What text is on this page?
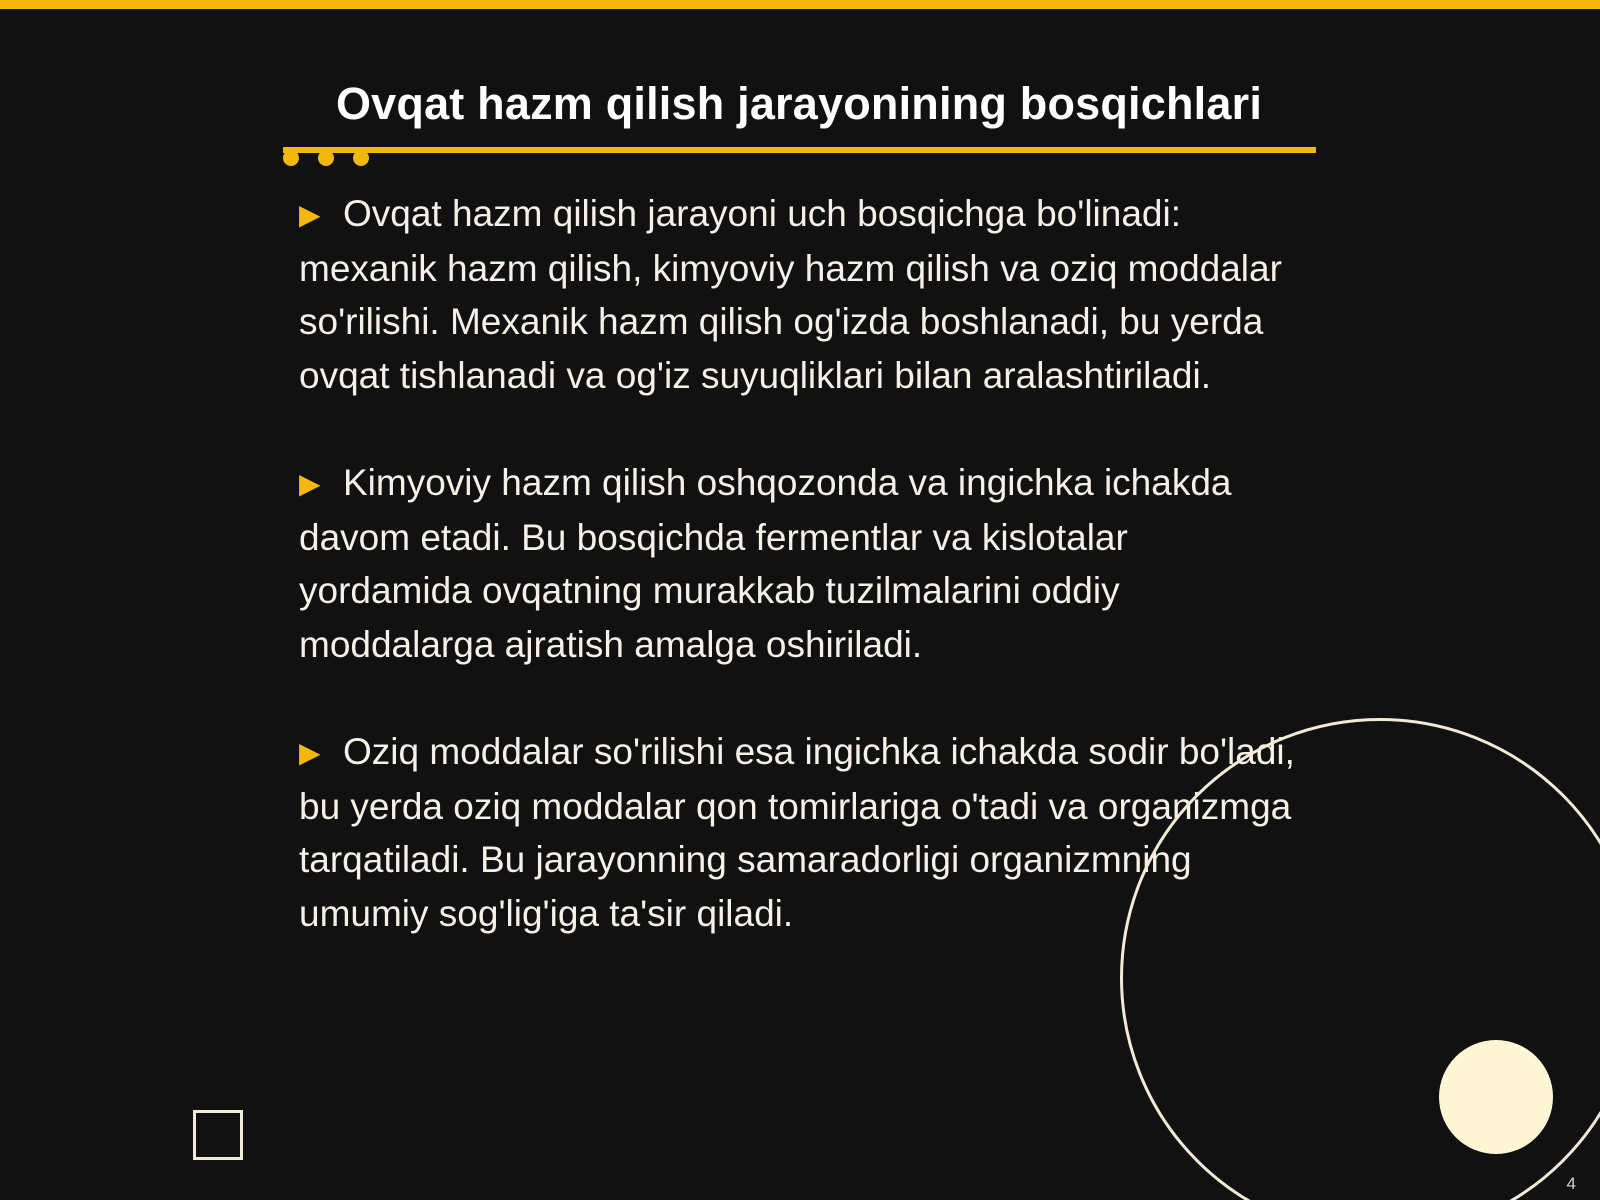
Ovqat hazm qilish jarayonining bosqichlari

▶ Ovqat hazm qilish jarayoni uch bosqichga bo'linadi: mexanik hazm qilish, kimyoviy hazm qilish va oziq moddalar so'rilishi. Mexanik hazm qilish og'izda boshlanadi, bu yerda ovqat tishlanadi va og'iz suyuqliklari bilan aralashtiriladi.

▶ Kimyoviy hazm qilish oshqozonda va ingichka ichakda davom etadi. Bu bosqichda fermentlar va kislotalar yordamida ovqatning murakkab tuzilmalarini oddiy moddalarga ajratish amalga oshiriladi.

▶ Oziq moddalar so'rilishi esa ingichka ichakda sodir bo'ladi, bu yerda oziq moddalar qon tomirlariga o'tadi va organizmga tarqatiladi. Bu jarayonning samaradorligi organizmning umumiy sog'lig'iga ta'sir qiladi.

4
